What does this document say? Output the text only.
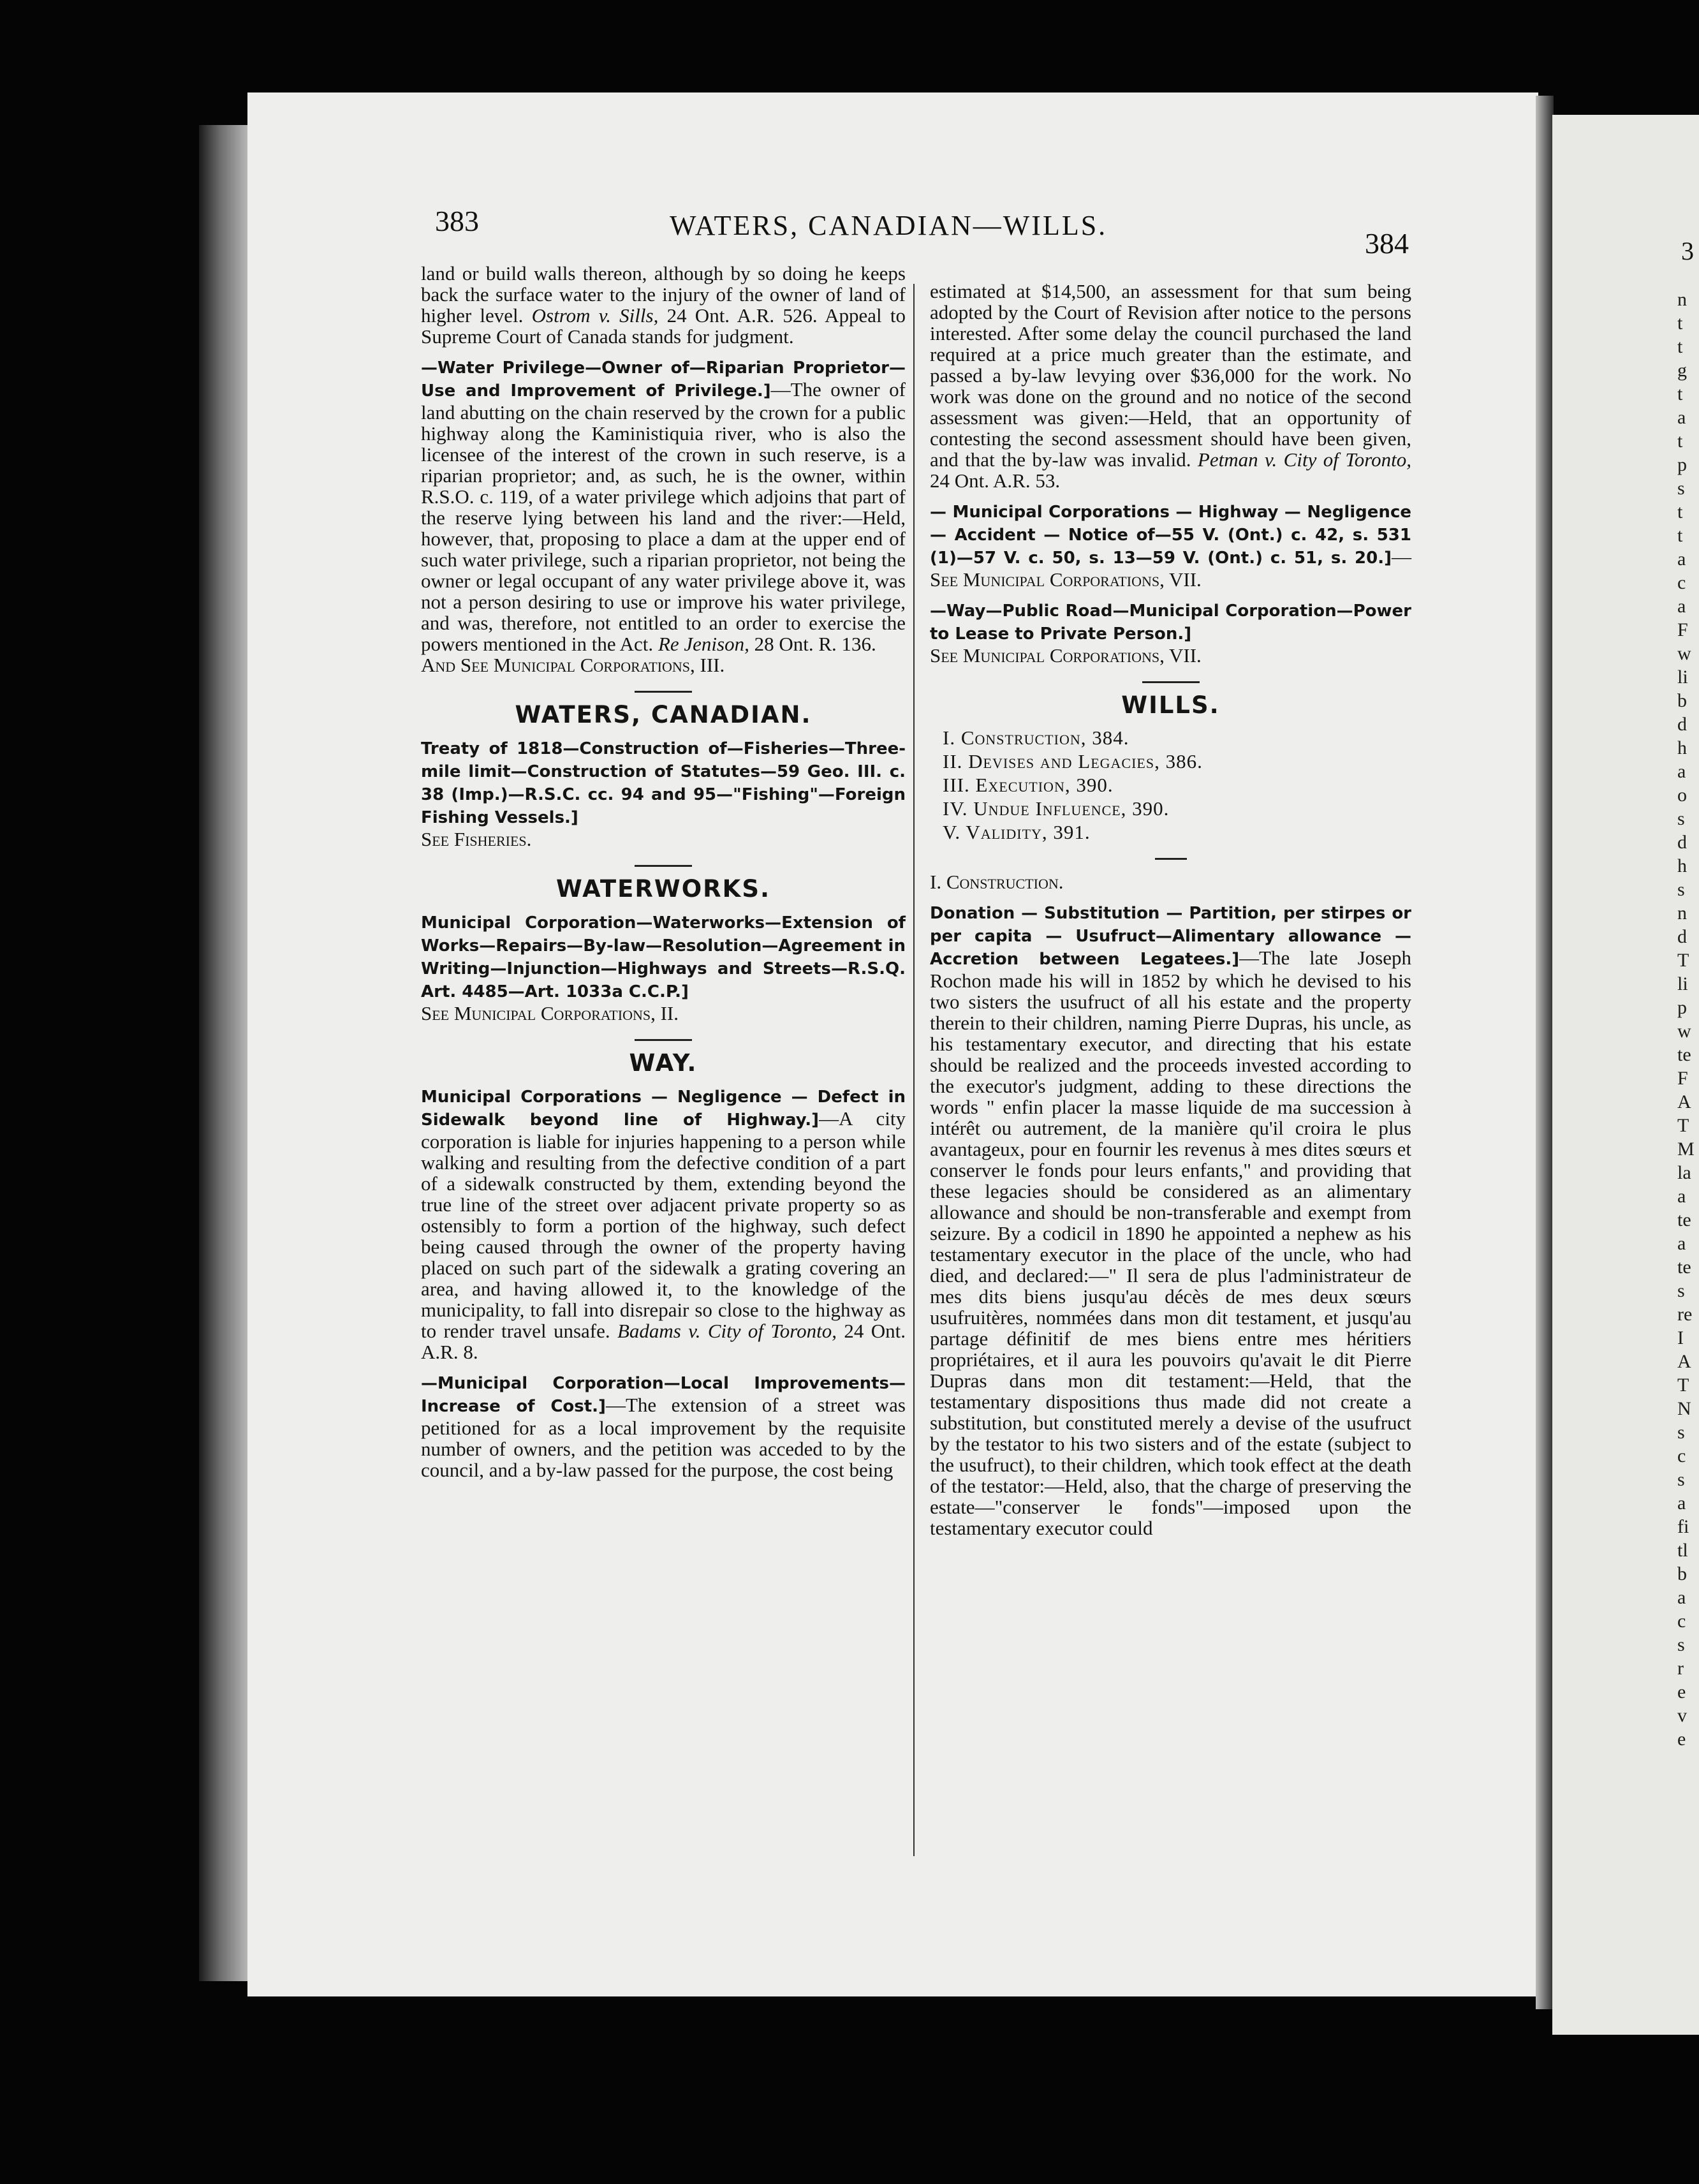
383	WATERS, CANADIAN—WILLS.
384	3

land or build walls thereon, although by so doing he keeps back the surface water to the injury of the owner of land of higher level. Ostrom v. Sills, 24 Ont. A.R. 526. Appeal to Supreme Court of Canada stands for judgment.

—Water Privilege—Owner of—Riparian Proprietor—Use and Improvement of Privilege.]—The owner of land abutting on the chain reserved by the crown for a public highway along the Kaministiquia river, who is also the licensee of the interest of the crown in such reserve, is a riparian proprietor; and, as such, he is the owner, within R.S.O. c. 119, of a water privilege which adjoins that part of the reserve lying between his land and the river:—Held, however, that, proposing to place a dam at the upper end of such water privilege, such a riparian proprietor, not being the owner or legal occupant of any water privilege above it, was not a person desiring to use or improve his water privilege, and was, therefore, not entitled to an order to exercise the powers mentioned in the Act. Re Jenison, 28 Ont. R. 136.

And See Municipal Corporations, III.

WATERS, CANADIAN.

Treaty of 1818—Construction of—Fisheries—Three-mile limit—Construction of Statutes—59 Geo. III. c. 38 (Imp.)—R.S.C. cc. 94 and 95—"Fishing"—Foreign Fishing Vessels.]

See Fisheries.

WATERWORKS.

Municipal Corporation—Waterworks—Extension of Works—Repairs—By-law—Resolution—Agreement in Writing—Injunction—Highways and Streets—R.S.Q. Art. 4485—Art. 1033a C.C.P.]

See Municipal Corporations, II.

WAY.

Municipal Corporations — Negligence — Defect in Sidewalk beyond line of Highway.]—A city corporation is liable for injuries happening to a person while walking and resulting from the defective condition of a part of a sidewalk constructed by them, extending beyond the true line of the street over adjacent private property so as ostensibly to form a portion of the highway, such defect being caused through the owner of the property having placed on such part of the sidewalk a grating covering an area, and having allowed it, to the knowledge of the municipality, to fall into disrepair so close to the highway as to render travel unsafe. Badams v. City of Toronto, 24 Ont. A.R. 8.

—Municipal Corporation—Local Improvements—Increase of Cost.]—The extension of a street was petitioned for as a local improvement by the requisite number of owners, and the petition was acceded to by the council, and a by-law passed for the purpose, the cost being

estimated at $14,500, an assessment for that sum being adopted by the Court of Revision after notice to the persons interested. After some delay the council purchased the land required at a price much greater than the estimate, and passed a by-law levying over $36,000 for the work. No work was done on the ground and no notice of the second assessment was given:—Held, that an opportunity of contesting the second assessment should have been given, and that the by-law was invalid. Petman v. City of Toronto, 24 Ont. A.R. 53.

— Municipal Corporations — Highway — Negligence — Accident — Notice of—55 V. (Ont.) c. 42, s. 531 (1)—57 V. c. 50, s. 13—59 V. (Ont.) c. 51, s. 20.]—See Municipal Corporations, VII.

—Way—Public Road—Municipal Corporation—Power to Lease to Private Person.]

See Municipal Corporations, VII.

WILLS.
I. Construction, 384.
II. Devises and Legacies, 386.
III. Execution, 390.
IV. Undue Influence, 390.
V. Validity, 391.

I. Construction.

Donation — Substitution — Partition, per stirpes or per capita — Usufruct—Alimentary allowance — Accretion between Legatees.]—The late Joseph Rochon made his will in 1852 by which he devised to his two sisters the usufruct of all his estate and the property therein to their children, naming Pierre Dupras, his uncle, as his testamentary executor, and directing that his estate should be realized and the proceeds invested according to the executor's judgment, adding to these directions the words " enfin placer la masse liquide de ma succession à intérêt ou autrement, de la manière qu'il croira le plus avantageux, pour en fournir les revenus à mes dites sœurs et conserver le fonds pour leurs enfants," and providing that these legacies should be considered as an alimentary allowance and should be non-transferable and exempt from seizure. By a codicil in 1890 he appointed a nephew as his testamentary executor in the place of the uncle, who had died, and declared:—" Il sera de plus l'administrateur de mes dits biens jusqu'au décès de mes deux sœurs usufruitères, nommées dans mon dit testament, et jusqu'au partage définitif de mes biens entre mes héritiers propriétaires, et il aura les pouvoirs qu'avait le dit Pierre Dupras dans mon dit testament:—Held, that the testamentary dispositions thus made did not create a substitution, but constituted merely a devise of the usufruct by the testator to his two sisters and of the estate (subject to the usufruct), to their children, which took effect at the death of the testator:—Held, also, that the charge of preserving the estate—"conserver le fonds"—imposed upon the testamentary executor could

n
t
t
g
t
a
t
p
s
t
t
a
c
a
F
w
li
b
d
h
a
o
s
d
h
s
n
d
T
li
p
w
te
F
A
T
M
la
a
te
a
te
s
re
I
A
T
N
s
c
s
a
fi
tl
b
a
c
s
r
e
v
e
